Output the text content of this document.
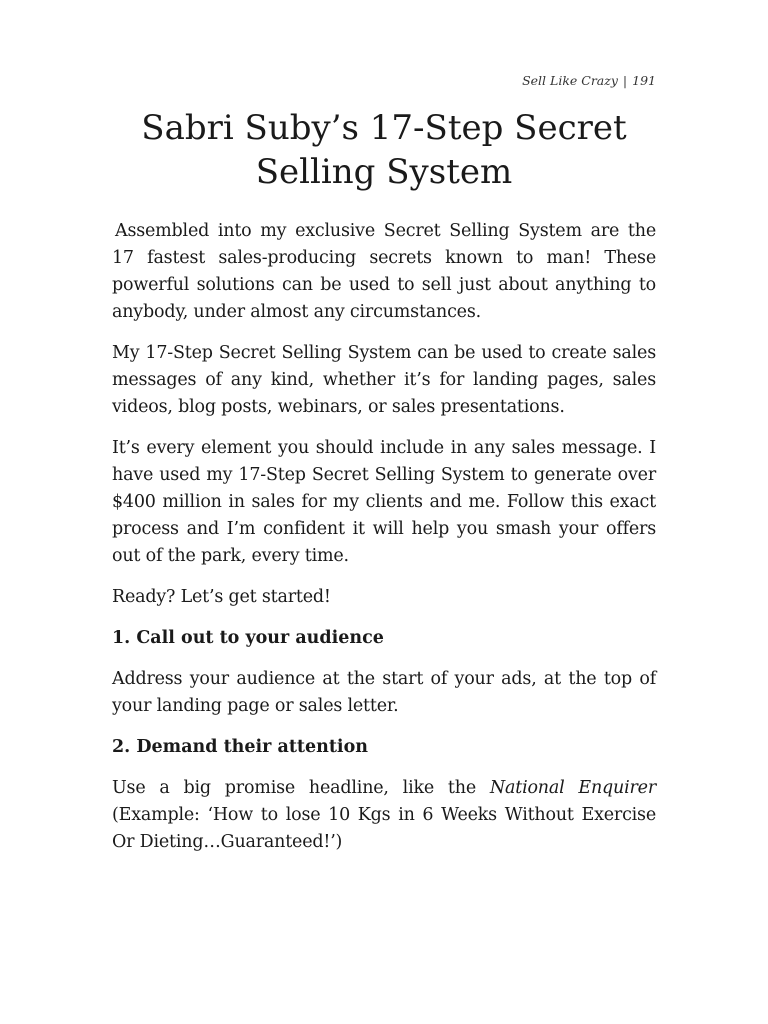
Sell Like Crazy | 191
Sabri Suby’s 17-Step Secret
Selling System

Assembled into my exclusive Secret Selling System are the 17 fastest sales-producing secrets known to man! These powerful solutions can be used to sell just about anything to anybody, under almost any circumstances.

My 17-Step Secret Selling System can be used to create sales messages of any kind, whether it’s for landing pages, sales videos, blog posts, webinars, or sales presentations.

It’s every element you should include in any sales message. I have used my 17-Step Secret Selling System to generate over $400 million in sales for my clients and me. Follow this exact process and I’m confident it will help you smash your offers out of the park, every time.

Ready? Let’s get started!

1. Call out to your audience

Address your audience at the start of your ads, at the top of your landing page or sales letter.

2. Demand their attention

Use a big promise headline, like the National Enquirer (Example: ‘How to lose 10 Kgs in 6 Weeks Without Exercise Or Dieting…Guaranteed!’)
